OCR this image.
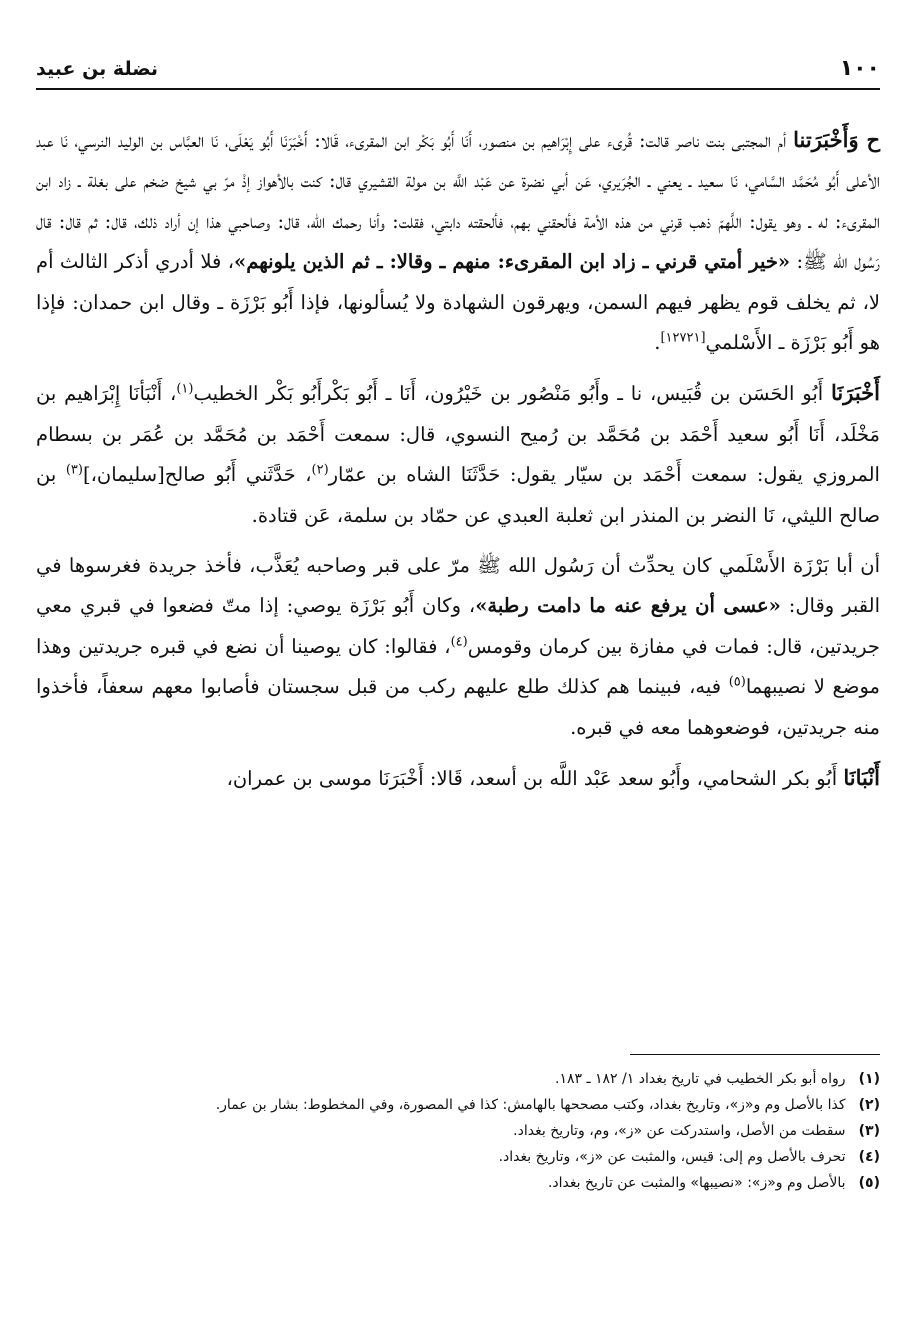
١٠٠
نضلة بن عبيد

ح وَأَخْبَرَتنا أم المجتبى بنت ناصر قالت: قُرىء على إِبْرَاهيم بن منصور، أَنَا أَبُو بَكْر ابن المقرىء، قَالا: أَخْبَرَنَا أَبُو يَعْلَى، نَا العبَّاس بن الوليد النرسي، نَا عبد الأعلى أَبُو مُحَمَّد السَّامي، نَا سعيد ـ يعني ـ الجُرَيري، عَن أبي نضرة عن عَبْد اللَّه بن مولة القشيري قال: كنت بالأهواز إذْ مرّ بي شيخ ضخم على بغلة ـ زاد ابن المقرىء: له ـ وهو يقول: اللَّهمّ ذهب قرني من هذه الأمة فألحقني بهم، فألحقته دابتي، فقلت: وأنا رحمك الله، قال: وصاحبي هذا إن أراد ذلك، قال: ثم قال: قال رَسُول الله ﷺ: «خير أمتي قرني ـ زاد ابن المقرىء: منهم ـ وقالا: ـ ثم الذين يلونهم»، فلا أدري أذكر الثالث أم لا، ثم يخلف قوم يظهر فيهم السمن، ويهرقون الشهادة ولا يُسألونها، فإذا أَبُو بَرْزَة ـ وقال ابن حمدان: فإذا هو أَبُو بَرْزَة ـ الأَسْلمي[١٢٧٢١].

أَخْبَرَنَا أَبُو الحَسَن بن قُبَيس، نا ـ وأَبُو مَنْصُور بن خَيْرُون، أَنَا ـ أَبُو بَكْرأَبُو بَكْر الخطيب$^{(١)}$، أَنْبَأنَا إِبْرَاهيم بن مَخْلَد، أَنَا أَبُو سعيد أَحْمَد بن مُحَمَّد بن رُميح النسوي، قال: سمعت أَحْمَد بن مُحَمَّد بن عُمَر بن بسطام المروزي يقول: سمعت أَحْمَد بن سيّار يقول: حَدَّثَنَا الشاه بن عمّار$^{(٢)}$، حَدَّثَني أَبُو صالح[سليمان،]$^{(٣)}$ بن صالح الليثي، نَا النضر بن المنذر ابن ثعلبة العبدي عن حمّاد بن سلمة، عَن قتادة.

أن أبا بَرْزَة الأَسْلَمي كان يحدِّث أن رَسُول الله ﷺ مرّ على قبر وصاحبه يُعَذَّب، فأخذ جريدة فغرسوها في القبر وقال: «عسى أن يرفع عنه ما دامت رطبة»، وكان أَبُو بَرْزَة يوصي: إذا متّ فضعوا في قبري معي جريدتين، قال: فمات في مفازة بين كرمان وقومس$^{(٤)}$، فقالوا: كان يوصينا أن نضع في قبره جريدتين وهذا موضع لا نصيبهما$^{(٥)}$ فيه، فبينما هم كذلك طلع عليهم ركب من قبل سجستان فأصابوا معهم سعفاً، فأخذوا منه جريدتين، فوضعوهما معه في قبره.

أَنْبَانَا أَبُو بكر الشحامي، وأَبُو سعد عَبْد اللَّه بن أسعد، قَالا: أَخْبَرَنَا موسى بن عمران،

(١) رواه أبو بكر الخطيب في تاريخ بغداد ١/ ١٨٢ ـ ١٨٣.

(٢) كذا بالأصل وم و«ز»، وتاريخ بغداد، وكتب مصححها بالهامش: كذا في المصورة، وفي المخطوط: بشار بن عمار.

(٣) سقطت من الأصل، واستدركت عن «ز»، وم، وتاريخ بغداد.

(٤) تحرف بالأصل وم إلى: قيس، والمثبت عن «ز»، وتاريخ بغداد.

(٥) بالأصل وم و«ز»: «نصيبها» والمثبت عن تاريخ بغداد.
